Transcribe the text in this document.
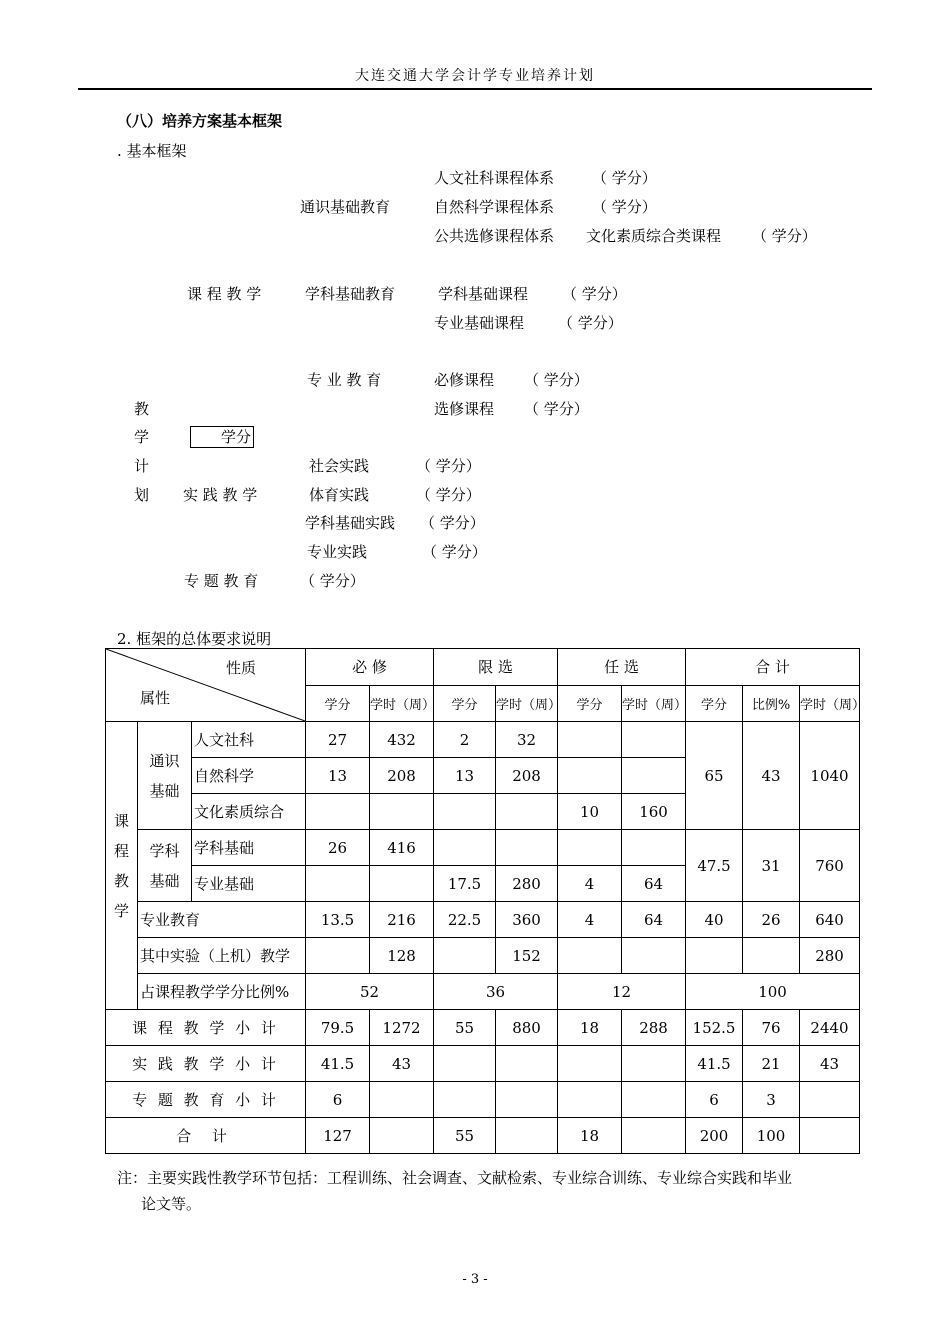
大连交通大学会计学专业培养计划
（八）培养方案基本框架
. 基本框架
人文社科课程体系	（ 学分）
通识基础教育	自然科学课程体系	（ 学分）
公共选修课程体系 文化素质综合类课程 （ 学分）
课 程 教 学	学科基础教育	学科基础课程 （ 学分）
专业基础课程 （ 学分）
专 业 教 育	必修课程 （ 学分）
教	选修课程 （ 学分）
学	学分
计	社会实践	（ 学分）
划 实 践 教 学	体育实践	（ 学分）
学科基础实践 （ 学分）
专业实践	（ 学分）
专 题 教 育	（ 学分）
2. 框架的总体要求说明
性质
属性			必 修		限 选		任 选		合 计		
			学分	学时（周）	学分	学时（周）	学分	学时（周）	学分	比例%	学时（周）
课
程
教
学	通识
基础	人文社科	27	432	2	32			65	43	1040
		自然科学	13	208	13	208					
		文化素质综合					10	160			
	学科
基础	学科基础	26	416					47.5	31	760
		专业基础			17.5	280	4	64			
	专业教育		13.5	216	22.5	360	4	64	40	26	640
	其中实验（上机）教学			128		152					280
	占课程教学学分比例%		52		36		12		100		
课 程 教 学 小 计			79.5	1272	55	880	18	288	152.5	76	2440
实 践 教 学 小 计			41.5	43					41.5	21	43
专 题 教 育 小 计			6						6	3	
合 计			127		55		18		200	100	
注：主要实践性教学环节包括：工程训练、社会调查、文献检索、专业综合训练、专业综合实践和毕业
论文等。
- 3 -
